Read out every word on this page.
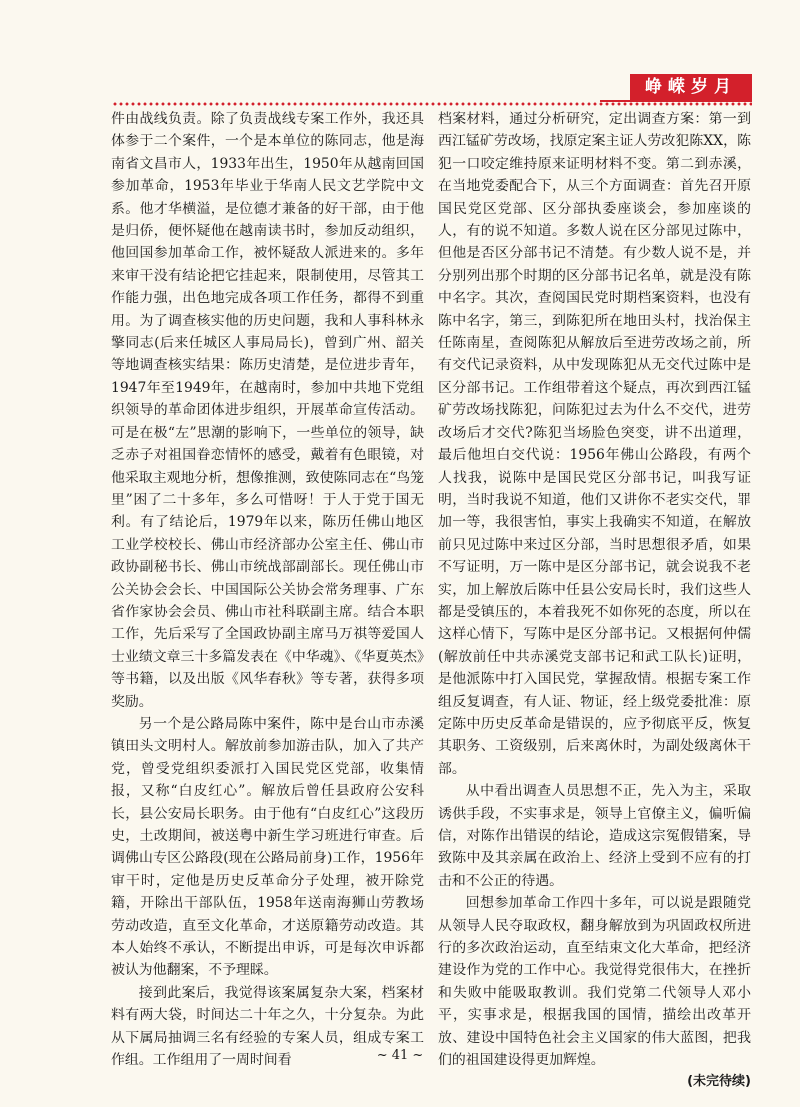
峥嵘岁月

件由战线负责。除了负责战线专案工作外，我还具体参于二个案件，一个是本单位的陈同志，他是海南省文昌市人，1933年出生，1950年从越南回国参加革命，1953年毕业于华南人民文艺学院中文系。他才华横溢，是位德才兼备的好干部，由于他是归侨，便怀疑他在越南读书时，参加反动组织，他回国参加革命工作，被怀疑敌人派进来的。多年来审干没有结论把它挂起来，限制使用，尽管其工作能力强，出色地完成各项工作任务，都得不到重用。为了调查核实他的历史问题，我和人事科林永擎同志(后来任城区人事局局长)，曾到广州、韶关等地调查核实结果：陈历史清楚，是位进步青年，1947年至1949年，在越南时，参加中共地下党组织领导的革命团体进步组织，开展革命宣传活动。可是在极“左”思潮的影响下，一些单位的领导，缺乏赤子对祖国眷恋情怀的感受，戴着有色眼镜，对他采取主观地分析，想像推测，致使陈同志在“鸟笼里”困了二十多年，多么可惜呀！于人于党于国无利。有了结论后，1979年以来，陈历任佛山地区工业学校校长、佛山市经济部办公室主任、佛山市政协副秘书长、佛山市统战部副部长。现任佛山市公关协会会长、中国国际公关协会常务理事、广东省作家协会会员、佛山市社科联副主席。结合本职工作，先后采写了全国政协副主席马万祺等爱国人士业绩文章三十多篇发表在《中华魂》、《华夏英杰》等书籍，以及出版《风华春秋》等专著，获得多项奖励。

另一个是公路局陈中案件，陈中是台山市赤溪镇田头文明村人。解放前参加游击队，加入了共产党，曾受党组织委派打入国民党区党部，收集情报，又称“白皮红心”。解放后曾任县政府公安科长，县公安局长职务。由于他有“白皮红心”这段历史，土改期间，被送粤中新生学习班进行审查。后调佛山专区公路段(现在公路局前身)工作，1956年审干时，定他是历史反革命分子处理，被开除党籍，开除出干部队伍，1958年送南海狮山劳教场劳动改造，直至文化革命，才送原籍劳动改造。其本人始终不承认，不断提出申诉，可是每次申诉都被认为他翻案，不予理睬。

接到此案后，我觉得该案属复杂大案，档案材料有两大袋，时间达二十年之久，十分复杂。为此从下属局抽调三名有经验的专案人员，组成专案工作组。工作组用了一周时间看

档案材料，通过分析研究，定出调查方案：第一到西江锰矿劳改场，找原定案主证人劳改犯陈XX，陈犯一口咬定维持原来证明材料不变。第二到赤溪，在当地党委配合下，从三个方面调查：首先召开原国民党区党部、区分部执委座谈会，参加座谈的人，有的说不知道。多数人说在区分部见过陈中，但他是否区分部书记不清楚。有少数人说不是，并分别列出那个时期的区分部书记名单，就是没有陈中名字。其次，查阅国民党时期档案资料，也没有陈中名字，第三，到陈犯所在地田头村，找治保主任陈南星，查阅陈犯从解放后至进劳改场之前，所有交代记录资料，从中发现陈犯从无交代过陈中是区分部书记。工作组带着这个疑点，再次到西江锰矿劳改场找陈犯，问陈犯过去为什么不交代，进劳改场后才交代?陈犯当场脸色突变，讲不出道理，最后他坦白交代说：1956年佛山公路段，有两个人找我，说陈中是国民党区分部书记，叫我写证明，当时我说不知道，他们又讲你不老实交代，罪加一等，我很害怕，事实上我确实不知道，在解放前只见过陈中来过区分部，当时思想很矛盾，如果不写证明，万一陈中是区分部书记，就会说我不老实，加上解放后陈中任县公安局长时，我们这些人都是受镇压的，本着我死不如你死的态度，所以在这样心情下，写陈中是区分部书记。又根据何仲儒(解放前任中共赤溪党支部书记和武工队长)证明，是他派陈中打入国民党，掌握敌情。根据专案工作组反复调查，有人证、物证，经上级党委批准：原定陈中历史反革命是错误的，应予彻底平反，恢复其职务、工资级别，后来离休时，为副处级离休干部。

从中看出调查人员思想不正，先入为主，采取诱供手段，不实事求是，领导上官僚主义，偏听偏信，对陈作出错误的结论，造成这宗冤假错案，导致陈中及其亲属在政治上、经济上受到不应有的打击和不公正的待遇。

回想参加革命工作四十多年，可以说是跟随党从领导人民夺取政权，翻身解放到为巩固政权所进行的多次政治运动，直至结束文化大革命，把经济建设作为党的工作中心。我觉得党很伟大，在挫折和失败中能吸取教训。我们党第二代领导人邓小平，实事求是，根据我国的国情，描绘出改革开放、建设中国特色社会主义国家的伟大蓝图，把我们的祖国建设得更加辉煌。

(未完待续)

~ 41 ~
